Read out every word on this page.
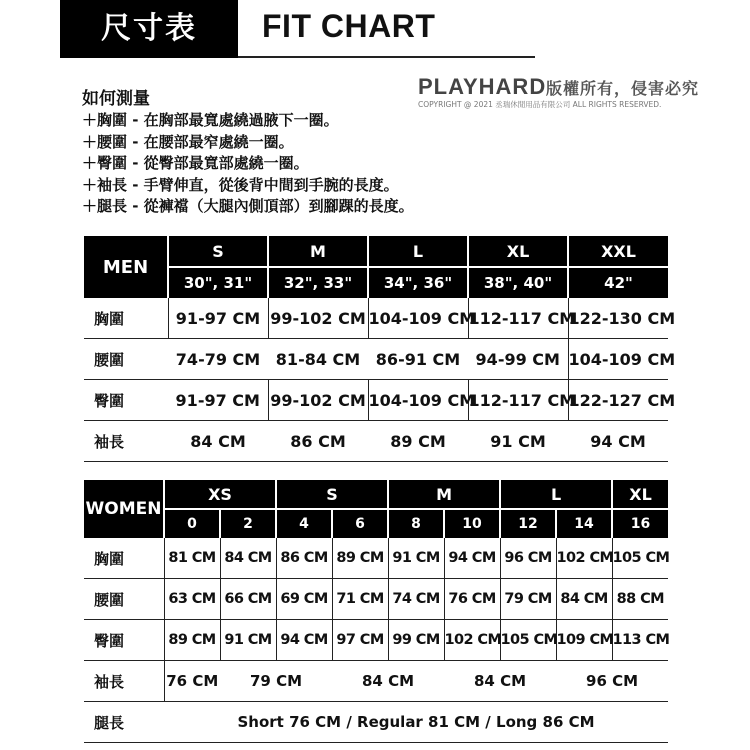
尺寸表	FIT CHART
如何測量
＋胸圍 - 在胸部最寬處繞過腋下一圈。
＋腰圍 - 在腰部最窄處繞一圈。
＋臀圍 - 從臀部最寬部處繞一圈。
＋袖長 - 手臂伸直，從後背中間到手腕的長度。
＋腿長 - 從褲襠（大腿內側頂部）到腳踝的長度。
PLAYHARD 版權所有，侵害必究
COPYRIGHT @ 2021 丞瑞休閒用品有限公司 ALL RIGHTS RESERVED.
MEN	S	M	L	XL	XXL
	30", 31"	32", 33"	34", 36"	38", 40"	42"
胸圍	91-97 CM	99-102 CM	104-109 CM	112-117 CM	122-130 CM
腰圍	74-79 CM	81-84 CM	86-91 CM	94-99 CM	104-109 CM
臀圍	91-97 CM	99-102 CM	104-109 CM	112-117 CM	122-127 CM
袖長	84 CM	86 CM	89 CM	91 CM	94 CM
WOMEN	XS		S		M		L		XL
	0	2	4	6	8	10	12	14	16
胸圍	81 CM	84 CM	86 CM	89 CM	91 CM	94 CM	96 CM	102 CM	105 CM
腰圍	63 CM	66 CM	69 CM	71 CM	74 CM	76 CM	79 CM	84 CM	88 CM
臀圍	89 CM	91 CM	94 CM	97 CM	99 CM	102 CM	105 CM	109 CM	113 CM
袖長	76 CM	79 CM		84 CM		84 CM		96 CM	
腿長	Short 76 CM / Regular 81 CM / Long 86 CM								
